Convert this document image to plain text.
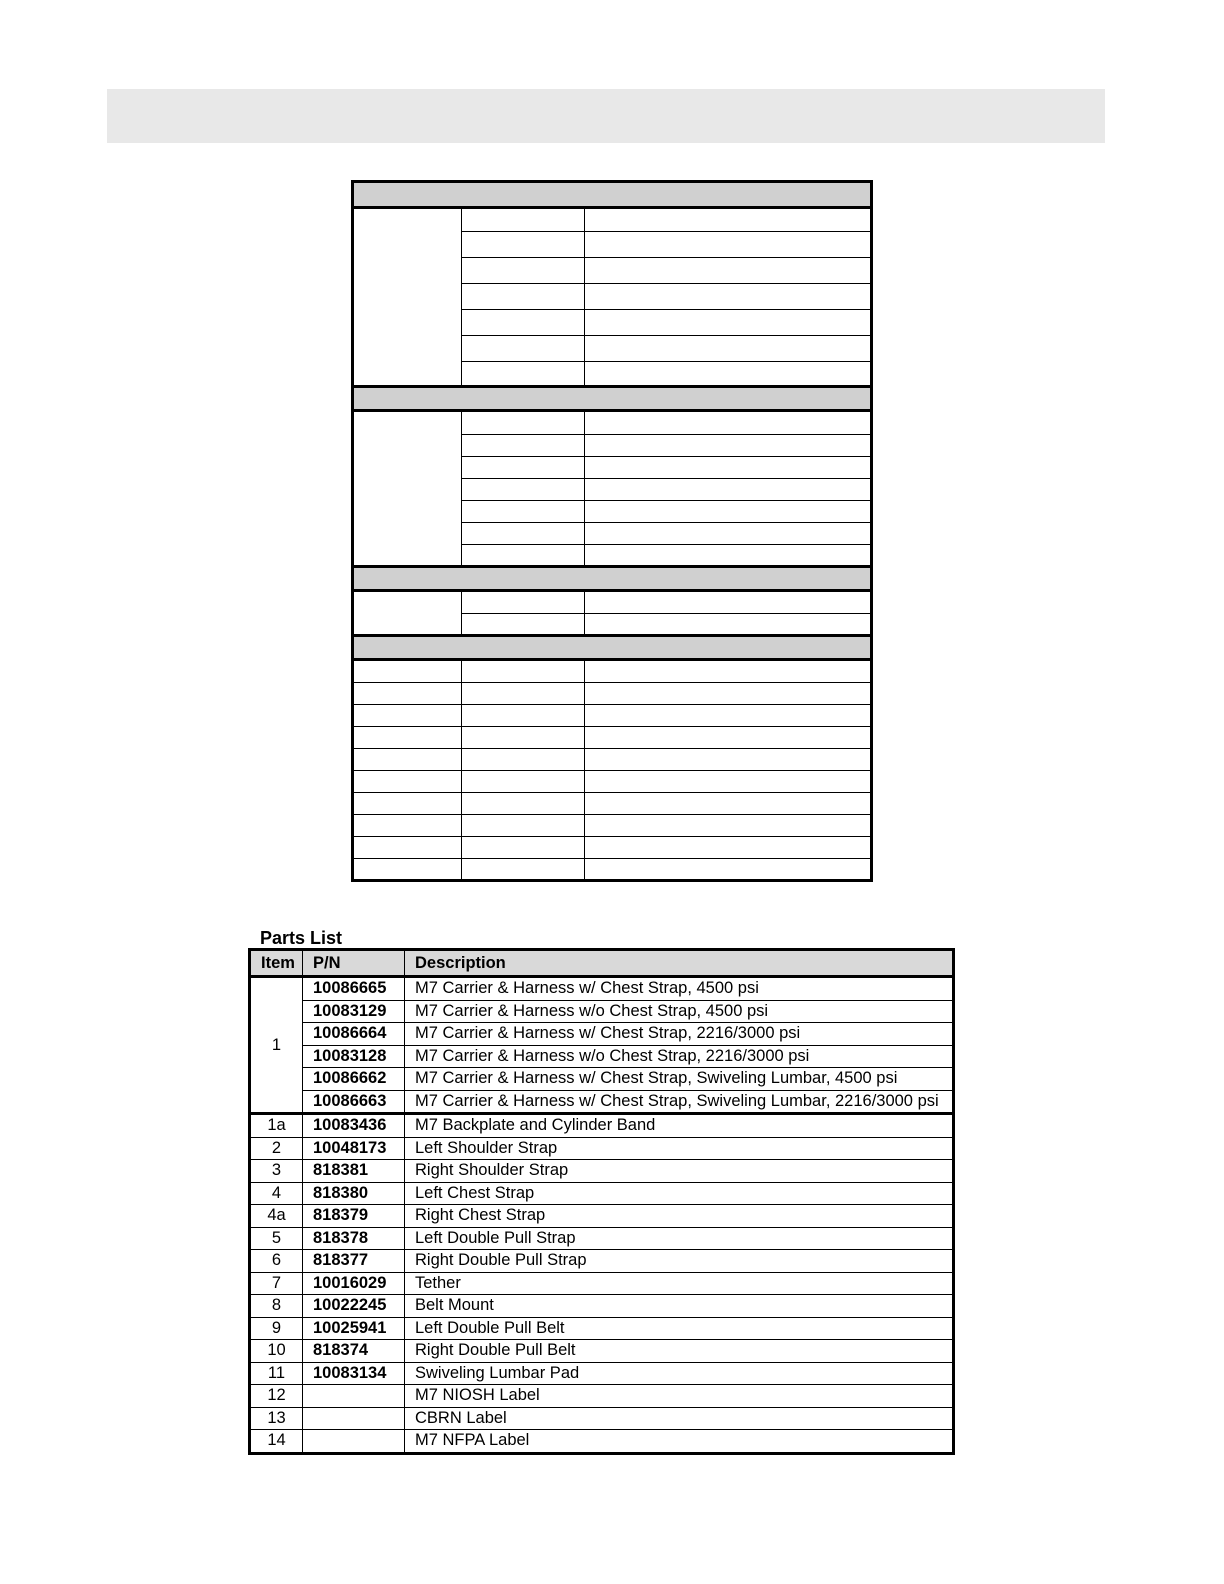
Parts List
Item	P/N	Description
1	10086665	M7 Carrier & Harness w/ Chest Strap, 4500 psi
	10083129	M7 Carrier & Harness w/o Chest Strap, 4500 psi
	10086664	M7 Carrier & Harness w/ Chest Strap, 2216/3000 psi
	10083128	M7 Carrier & Harness w/o Chest Strap, 2216/3000 psi
	10086662	M7 Carrier & Harness w/ Chest Strap, Swiveling Lumbar, 4500 psi
	10086663	M7 Carrier & Harness w/ Chest Strap, Swiveling Lumbar, 2216/3000 psi
1a	10083436	M7 Backplate and Cylinder Band
2	10048173	Left Shoulder Strap
3	818381	Right Shoulder Strap
4	818380	Left Chest Strap
4a	818379	Right Chest Strap
5	818378	Left Double Pull Strap
6	818377	Right Double Pull Strap
7	10016029	Tether
8	10022245	Belt Mount
9	10025941	Left Double Pull Belt
10	818374	Right Double Pull Belt
11	10083134	Swiveling Lumbar Pad
12		M7 NIOSH Label
13		CBRN Label
14		M7 NFPA Label
